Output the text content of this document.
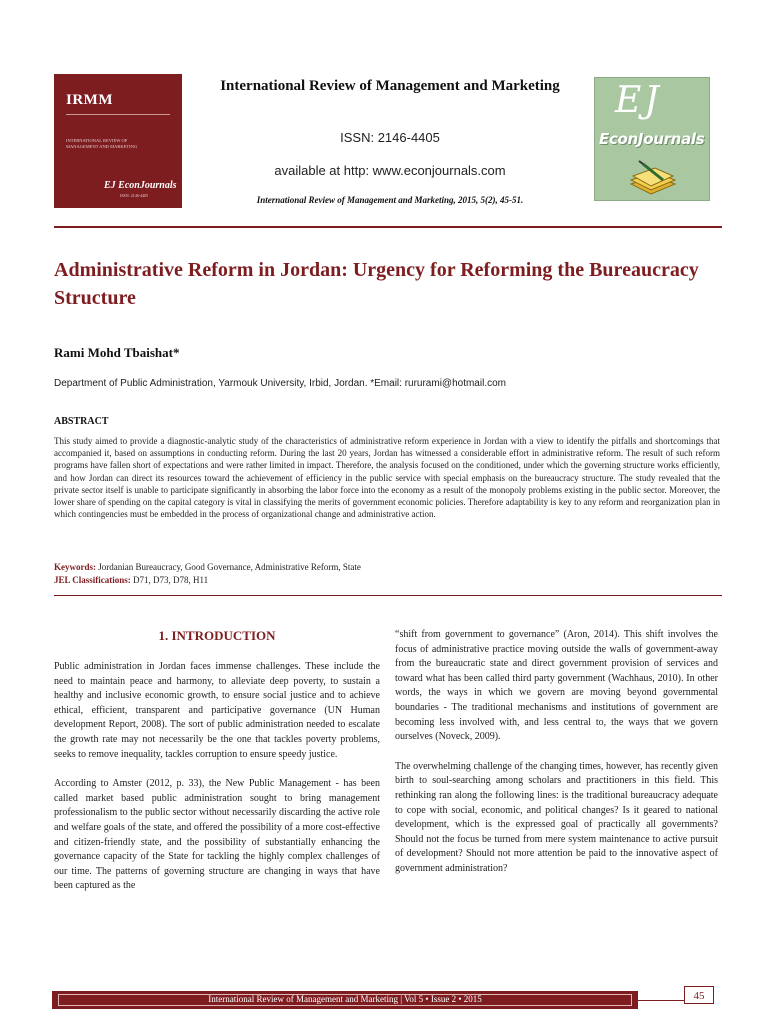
IRMM
INTERNATIONAL REVIEW OF MANAGEMENT AND MARKETING
EJ EconJournals
ISSN: 2146-4405
International Review of Management and Marketing
ISSN: 2146-4405
available at http: www.econjournals.com
International Review of Management and Marketing, 2015, 5(2), 45-51.
EJ
EconJournals
Administrative Reform in Jordan: Urgency for Reforming the Bureaucracy Structure
Rami Mohd Tbaishat*
Department of Public Administration, Yarmouk University, Irbid, Jordan. *Email: rururami@hotmail.com
ABSTRACT
This study aimed to provide a diagnostic-analytic study of the characteristics of administrative reform experience in Jordan with a view to identify the pitfalls and shortcomings that accompanied it, based on assumptions in conducting reform. During the last 20 years, Jordan has witnessed a considerable effort in administrative reform. The result of such reform programs have fallen short of expectations and were rather limited in impact. Therefore, the analysis focused on the conditioned, under which the governing structure works efficiently, and how Jordan can direct its resources toward the achievement of efficiency in the public service with special emphasis on the bureaucracy structure. The study revealed that the private sector itself is unable to participate significantly in absorbing the labor force into the economy as a result of the monopoly problems existing in the public sector. Moreover, the lower share of spending on the capital category is vital in classifying the merits of government economic policies. Therefore adaptability is key to any reform and reorganization plan in which contingencies must be embedded in the process of organizational change and administrative action.
Keywords: Jordanian Bureaucracy, Good Governance, Administrative Reform, State
JEL Classifications: D71, D73, D78, H11
1. INTRODUCTION

Public administration in Jordan faces immense challenges. These include the need to maintain peace and harmony, to alleviate deep poverty, to sustain a healthy and inclusive economic growth, to ensure social justice and to achieve ethical, efficient, transparent and participative governance (UN Human development Report, 2008). The sort of public administration needed to escalate the growth rate may not necessarily be the one that tackles poverty problems, seeks to remove inequality, tackles corruption to ensure speedy justice.

According to Amster (2012, p. 33), the New Public Management - has been called market based public administration sought to bring management professionalism to the public sector without necessarily discarding the active role and welfare goals of the state, and offered the possibility of a more cost-effective and citizen-friendly state, and the possibility of substantially enhancing the governance capacity of the State for tackling the highly complex challenges of our time. The patterns of governing structure are changing in ways that have been captured as the

“shift from government to governance” (Aron, 2014). This shift involves the focus of administrative practice moving outside the walls of government-away from the bureaucratic state and direct government provision of services and toward what has been called third party government (Wachhaus, 2010). In other words, the ways in which we govern are moving beyond governmental boundaries - The traditional mechanisms and institutions of government are becoming less involved with, and less central to, the ways that we govern ourselves (Noveck, 2009).

The overwhelming challenge of the changing times, however, has recently given birth to soul-searching among scholars and practitioners in this field. This rethinking ran along the following lines: is the traditional bureaucracy adequate to cope with social, economic, and political changes? Is it geared to national development, which is the expressed goal of practically all governments? Should not the focus be turned from mere system maintenance to active pursuit of development? Should not more attention be paid to the innovative aspect of government administration?

International Review of Management and Marketing | Vol 5 • Issue 2 • 2015	45
